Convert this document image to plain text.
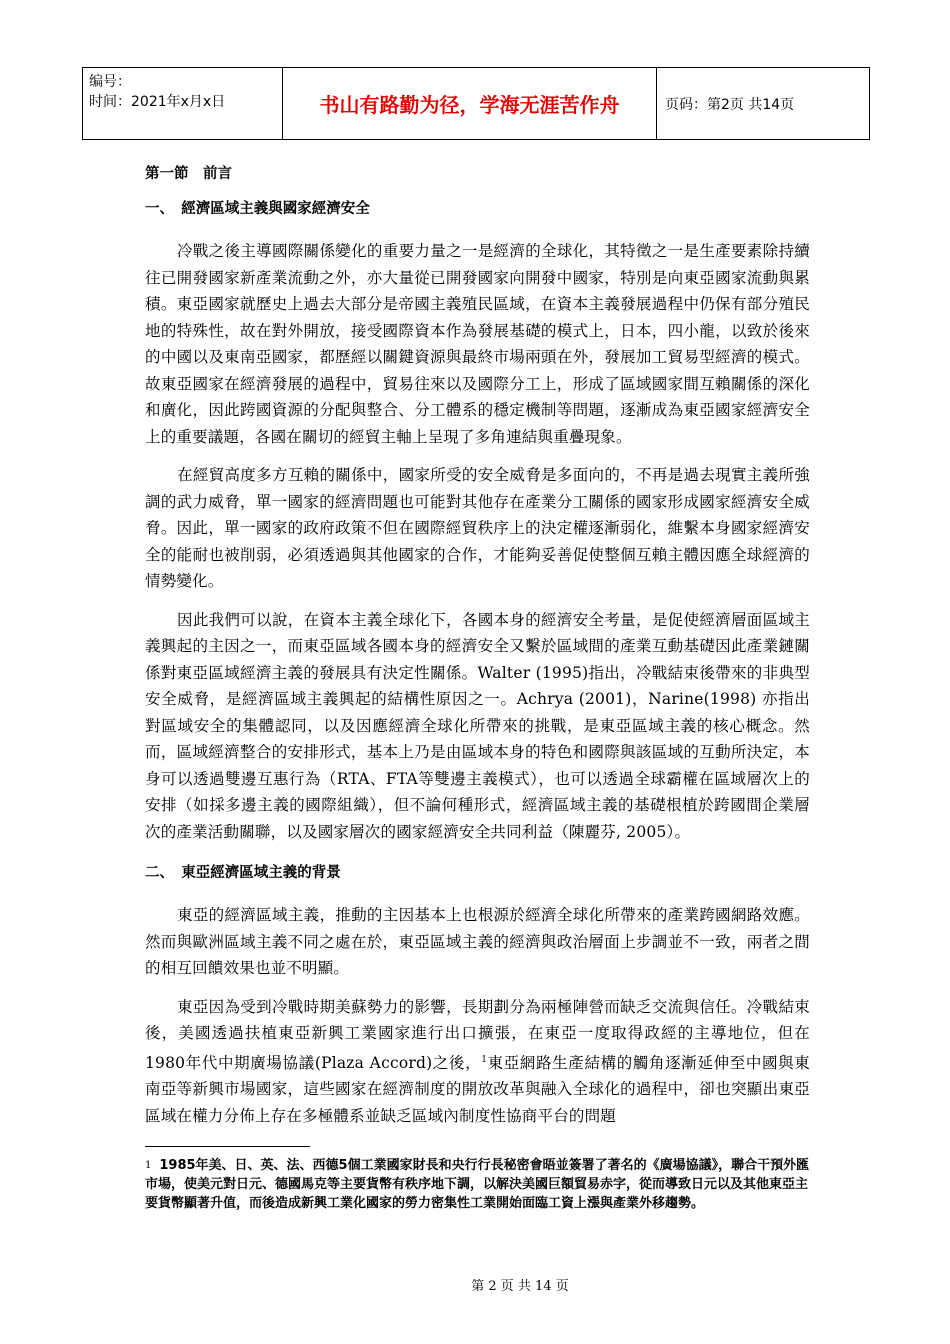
编号：
时间：2021年x月x日	书山有路勤为径，学海无涯苦作舟	页码：第2页 共14页

第一節　前言

一、　經濟區域主義與國家經濟安全

冷戰之後主導國際關係變化的重要力量之一是經濟的全球化，其特徵之一是生產要素除持續往已開發國家新產業流動之外，亦大量從已開發國家向開發中國家，特別是向東亞國家流動與累積。東亞國家就歷史上過去大部分是帝國主義殖民區域，在資本主義發展過程中仍保有部分殖民地的特殊性，故在對外開放，接受國際資本作為發展基礎的模式上，日本，四小龍，以致於後來的中國以及東南亞國家，都歷經以關鍵資源與最終市場兩頭在外，發展加工貿易型經濟的模式。故東亞國家在經濟發展的過程中，貿易往來以及國際分工上，形成了區域國家間互賴關係的深化和廣化，因此跨國資源的分配與整合、分工體系的穩定機制等問題，逐漸成為東亞國家經濟安全上的重要議題，各國在關切的經貿主軸上呈現了多角連結與重疊現象。

在經貿高度多方互賴的關係中，國家所受的安全威脅是多面向的，不再是過去現實主義所強調的武力威脅，單一國家的經濟問題也可能對其他存在產業分工關係的國家形成國家經濟安全威脅。因此，單一國家的政府政策不但在國際經貿秩序上的決定權逐漸弱化，維繫本身國家經濟安全的能耐也被削弱，必須透過與其他國家的合作，才能夠妥善促使整個互賴主體因應全球經濟的情勢變化。

因此我們可以說，在資本主義全球化下，各國本身的經濟安全考量，是促使經濟層面區域主義興起的主因之一，而東亞區域各國本身的經濟安全又繫於區域間的產業互動基礎因此產業鏈關係對東亞區域經濟主義的發展具有決定性關係。Walter (1995)指出，冷戰結束後帶來的非典型安全威脅，是經濟區域主義興起的結構性原因之一。Achrya (2001)，Narine(1998) 亦指出對區域安全的集體認同，以及因應經濟全球化所帶來的挑戰，是東亞區域主義的核心概念。然而，區域經濟整合的安排形式，基本上乃是由區域本身的特色和國際與該區域的互動所決定，本身可以透過雙邊互惠行為（RTA、FTA等雙邊主義模式），也可以透過全球霸權在區域層次上的安排（如採多邊主義的國際組織），但不論何種形式，經濟區域主義的基礎根植於跨國間企業層次的產業活動關聯，以及國家層次的國家經濟安全共同利益（陳麗芬, 2005）。

二、　東亞經濟區域主義的背景

東亞的經濟區域主義，推動的主因基本上也根源於經濟全球化所帶來的產業跨國網路效應。然而與歐洲區域主義不同之處在於，東亞區域主義的經濟與政治層面上步調並不一致，兩者之間的相互回饋效果也並不明顯。

東亞因為受到冷戰時期美蘇勢力的影響，長期劃分為兩極陣營而缺乏交流與信任。冷戰結束後，美國透過扶植東亞新興工業國家進行出口擴張，在東亞一度取得政經的主導地位，但在1980年代中期廣場協議(Plaza Accord)之後，$^1$東亞網路生產結構的觸角逐漸延伸至中國與東南亞等新興市場國家，這些國家在經濟制度的開放改革與融入全球化的過程中，卻也突顯出東亞區域在權力分佈上存在多極體系並缺乏區域內制度性協商平台的問題

$^1$ 1985年美、日、英、法、西德5個工業國家財長和央行行長秘密會晤並簽署了著名的《廣場協議》，聯合干預外匯市場，使美元對日元、德國馬克等主要貨幣有秩序地下調，以解決美國巨額貿易赤字，從而導致日元以及其他東亞主要貨幣顯著升值，而後造成新興工業化國家的勞力密集性工業開始面臨工資上漲與產業外移趨勢。
第 2 页 共 14 页
